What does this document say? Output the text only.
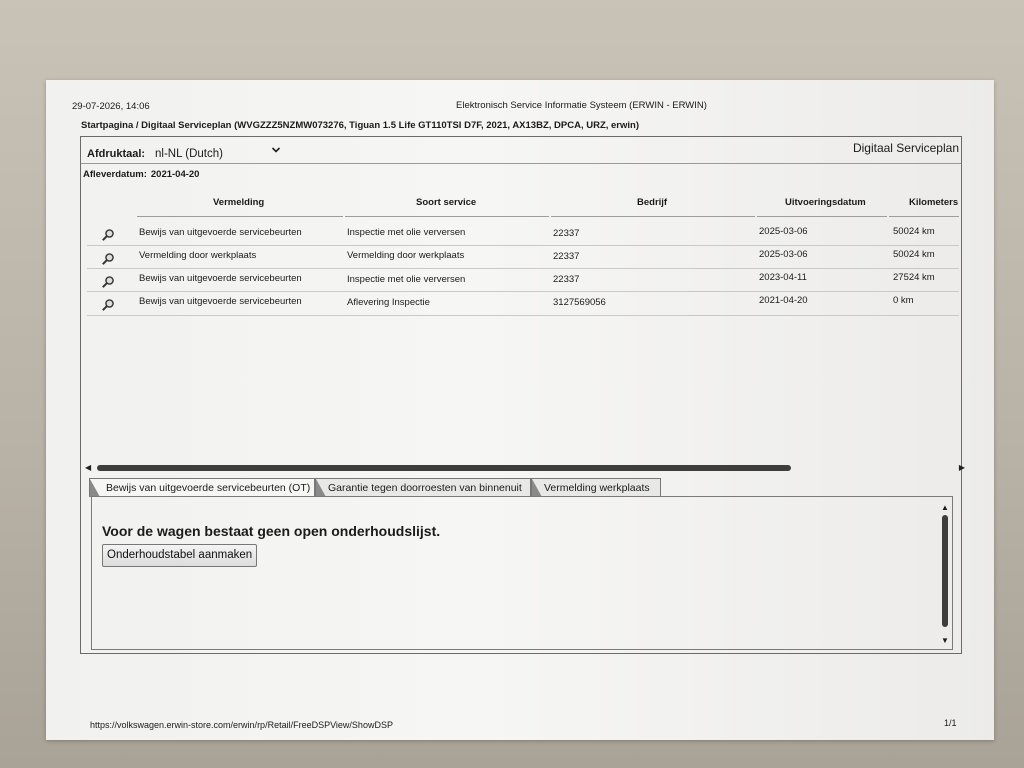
29-07-2026, 14:06	Elektronisch Service Informatie Systeem (ERWIN - ERWIN)
Startpagina / Digitaal Serviceplan (WVGZZZ5NZMW073276, Tiguan 1.5 Life GT110TSI D7F, 2021, AX13BZ, DPCA, URZ, erwin)
Afdruktaal: nl-NL (Dutch)	Digitaal Serviceplan
Afleverdatum: 2021-04-20
Vermelding	Soort service	Bedrijf	Uitvoeringsdatum	Kilometers
Bewijs van uitgevoerde servicebeurten	Inspectie met olie verversen	22337	2025-03-06	50024 km
Vermelding door werkplaats	Vermelding door werkplaats	22337	2025-03-06	50024 km
Bewijs van uitgevoerde servicebeurten	Inspectie met olie verversen	22337	2023-04-11	27524 km
Bewijs van uitgevoerde servicebeurten	Aflevering Inspectie	3127569056	2021-04-20	0 km
◀	▶
Bewijs van uitgevoerde servicebeurten (OT)	Garantie tegen doorroesten van binnenuit	Vermelding werkplaats
Voor de wagen bestaat geen open onderhoudslijst.
Onderhoudstabel aanmaken
▲
▼
https://volkswagen.erwin-store.com/erwin/rp/Retail/FreeDSPView/ShowDSP	1/1
